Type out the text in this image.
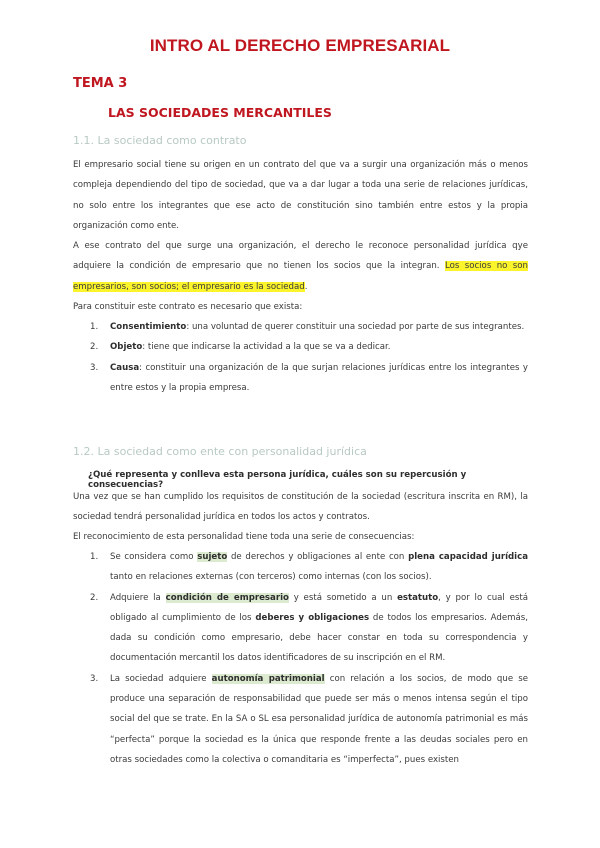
INTRO AL DERECHO EMPRESARIAL
TEMA 3
LAS SOCIEDADES MERCANTILES
1.1. La sociedad como contrato
El empresario social tiene su origen en un contrato del que va a surgir una organización más o menos compleja dependiendo del tipo de sociedad, que va a dar lugar a toda una serie de relaciones jurídicas, no solo entre los integrantes que ese acto de constitución sino también entre estos y la propia organización como ente.
A ese contrato del que surge una organización, el derecho le reconoce personalidad jurídica qye adquiere la condición de empresario que no tienen los socios que la integran. Los socios no son empresarios, son socios; el empresario es la sociedad.
Para constituir este contrato es necesario que exista:
1. Consentimiento: una voluntad de querer constituir una sociedad por parte de sus integrantes.
2. Objeto: tiene que indicarse la actividad a la que se va a dedicar.
3. Causa: constituir una organización de la que surjan relaciones jurídicas entre los integrantes y entre estos y la propia empresa.
1.2. La sociedad como ente con personalidad jurídica
¿Qué representa y conlleva esta persona jurídica, cuáles son su repercusión y consecuencias?
Una vez que se han cumplido los requisitos de constitución de la sociedad (escritura inscrita en RM), la sociedad tendrá personalidad jurídica en todos los actos y contratos.
El reconocimiento de esta personalidad tiene toda una serie de consecuencias:
1. Se considera como sujeto de derechos y obligaciones al ente con plena capacidad jurídica tanto en relaciones externas (con terceros) como internas (con los socios).
2. Adquiere la condición de empresario y está sometido a un estatuto, y por lo cual está obligado al cumplimiento de los deberes y obligaciones de todos los empresarios. Además, dada su condición como empresario, debe hacer constar en toda su correspondencia y documentación mercantil los datos identificadores de su inscripción en el RM.
3. La sociedad adquiere autonomía patrimonial con relación a los socios, de modo que se produce una separación de responsabilidad que puede ser más o menos intensa según el tipo social del que se trate. En la SA o SL esa personalidad jurídica de autonomía patrimonial es más “perfecta” porque la sociedad es la única que responde frente a las deudas sociales pero en otras sociedades como la colectiva o comanditaria es “imperfecta”, pues existen
